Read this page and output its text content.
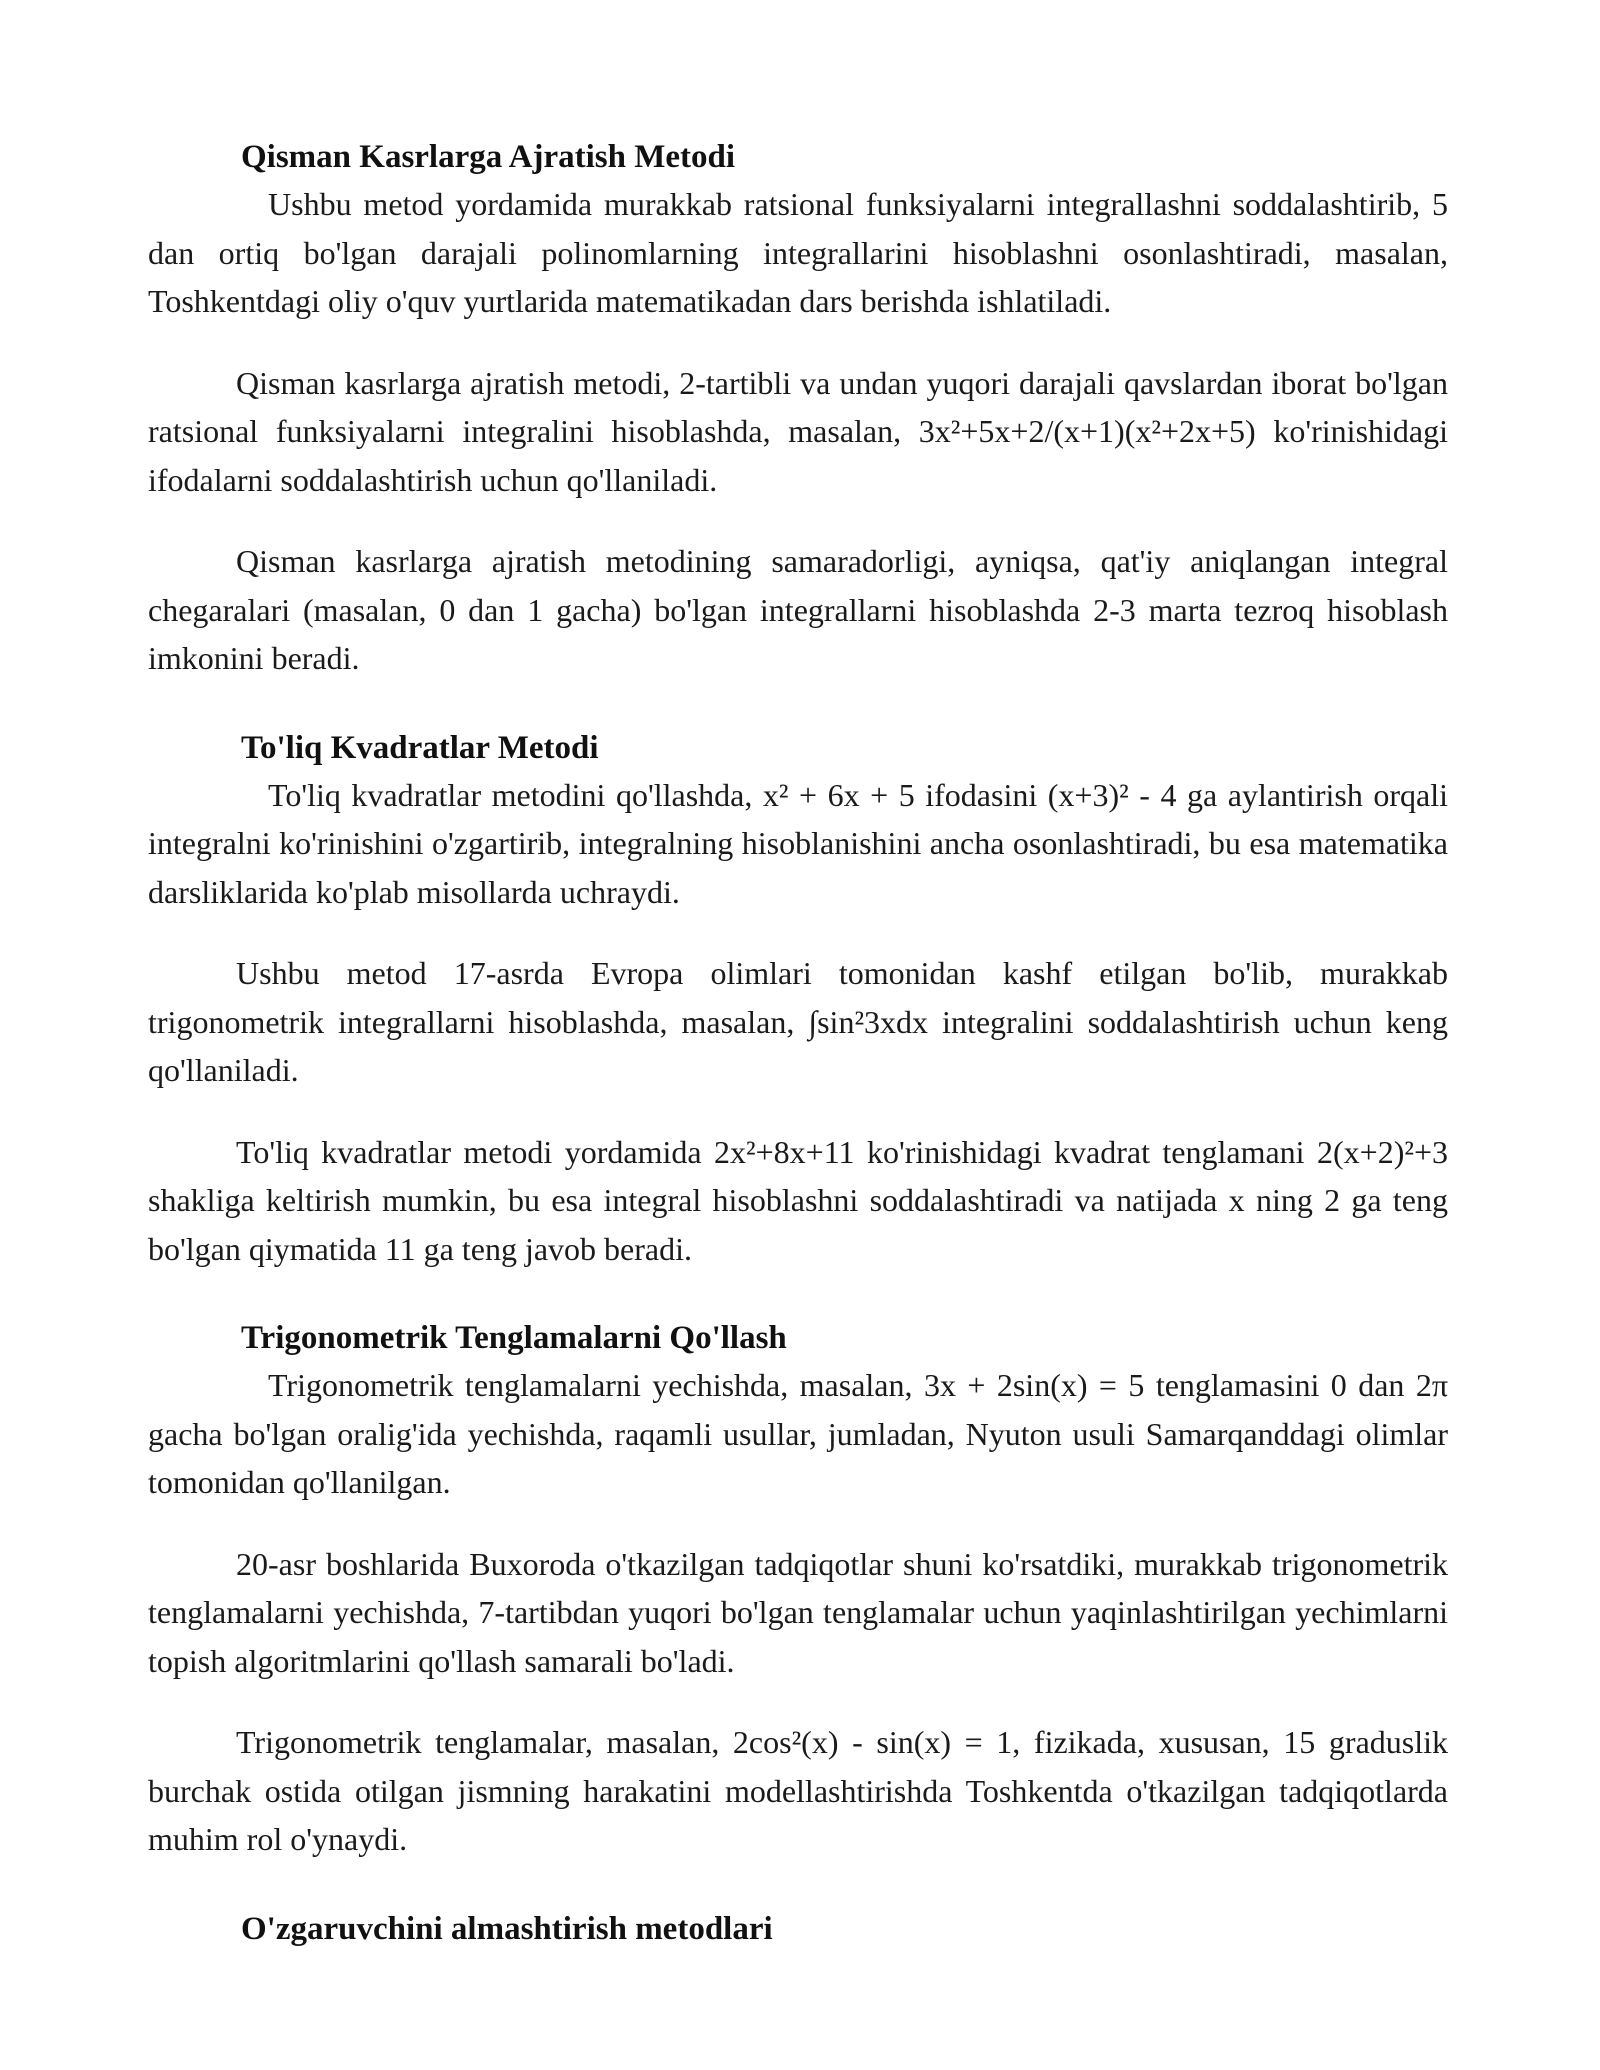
Qisman Kasrlarga Ajratish Metodi

Ushbu metod yordamida murakkab ratsional funksiyalarni integrallashni soddalashtirib, 5 dan ortiq bo'lgan darajali polinomlarning integrallarini hisoblashni osonlashtiradi, masalan, Toshkentdagi oliy o'quv yurtlarida matematikadan dars berishda ishlatiladi.

Qisman kasrlarga ajratish metodi, 2-tartibli va undan yuqori darajali qavslardan iborat bo'lgan ratsional funksiyalarni integralini hisoblashda, masalan, 3x²+5x+2/(x+1)(x²+2x+5) ko'rinishidagi ifodalarni soddalashtirish uchun qo'llaniladi.

Qisman kasrlarga ajratish metodining samaradorligi, ayniqsa, qat'iy aniqlangan integral chegaralari (masalan, 0 dan 1 gacha) bo'lgan integrallarni hisoblashda 2-3 marta tezroq hisoblash imkonini beradi.

To'liq Kvadratlar Metodi

To'liq kvadratlar metodini qo'llashda, x² + 6x + 5 ifodasini (x+3)² - 4 ga aylantirish orqali integralni ko'rinishini o'zgartirib, integralning hisoblanishini ancha osonlashtiradi, bu esa matematika darsliklarida ko'plab misollarda uchraydi.

Ushbu metod 17-asrda Evropa olimlari tomonidan kashf etilgan bo'lib, murakkab trigonometrik integrallarni hisoblashda, masalan, ∫sin²3xdx integralini soddalashtirish uchun keng qo'llaniladi.

To'liq kvadratlar metodi yordamida 2x²+8x+11 ko'rinishidagi kvadrat tenglamani 2(x+2)²+3 shakliga keltirish mumkin, bu esa integral hisoblashni soddalashtiradi va natijada x ning 2 ga teng bo'lgan qiymatida 11 ga teng javob beradi.

Trigonometrik Tenglamalarni Qo'llash

Trigonometrik tenglamalarni yechishda, masalan, 3x + 2sin(x) = 5 tenglamasini 0 dan 2π gacha bo'lgan oralig'ida yechishda, raqamli usullar, jumladan, Nyuton usuli Samarqanddagi olimlar tomonidan qo'llanilgan.

20-asr boshlarida Buxoroda o'tkazilgan tadqiqotlar shuni ko'rsatdiki, murakkab trigonometrik tenglamalarni yechishda, 7-tartibdan yuqori bo'lgan tenglamalar uchun yaqinlashtirilgan yechimlarni topish algoritmlarini qo'llash samarali bo'ladi.

Trigonometrik tenglamalar, masalan, 2cos²(x) - sin(x) = 1, fizikada, xususan, 15 graduslik burchak ostida otilgan jismning harakatini modellashtirishda Toshkentda o'tkazilgan tadqiqotlarda muhim rol o'ynaydi.

O'zgaruvchini almashtirish metodlari
